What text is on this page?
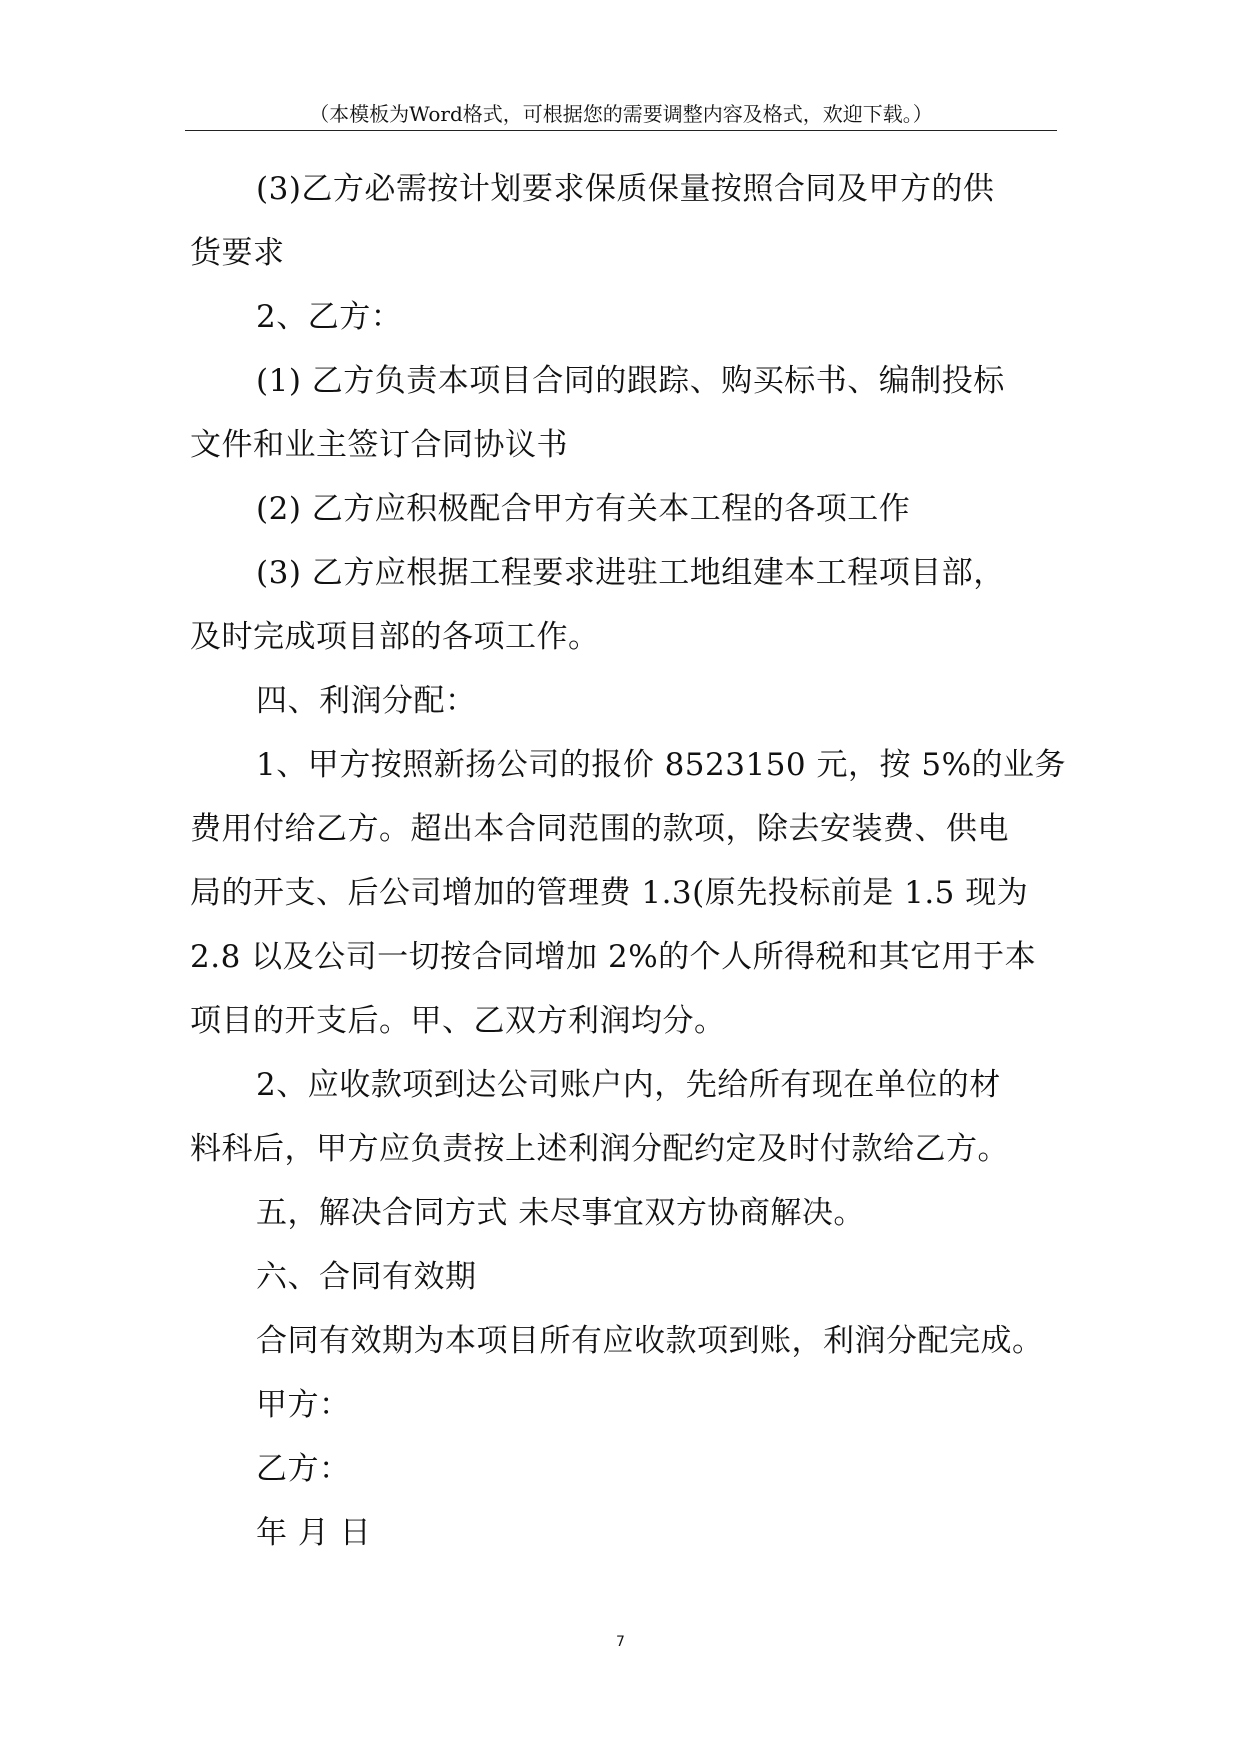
（本模板为Word格式，可根据您的需要调整内容及格式，欢迎下载。）
(3)乙方必需按计划要求保质保量按照合同及甲方的供
货要求
2、乙方：
(1) 乙方负责本项目合同的跟踪、购买标书、编制投标
文件和业主签订合同协议书
(2) 乙方应积极配合甲方有关本工程的各项工作
(3) 乙方应根据工程要求进驻工地组建本工程项目部，
及时完成项目部的各项工作。
四、利润分配：
1、甲方按照新扬公司的报价 8523150 元，按 5%的业务
费用付给乙方。超出本合同范围的款项，除去安装费、供电
局的开支、后公司增加的管理费 1.3(原先投标前是 1.5 现为
2.8 以及公司一切按合同增加 2%的个人所得税和其它用于本
项目的开支后。甲、乙双方利润均分。
2、应收款项到达公司账户内，先给所有现在单位的材
料科后，甲方应负责按上述利润分配约定及时付款给乙方。
五，解决合同方式 未尽事宜双方协商解决。
六、合同有效期
合同有效期为本项目所有应收款项到账，利润分配完成。
甲方：
乙方：
年 月 日
7
